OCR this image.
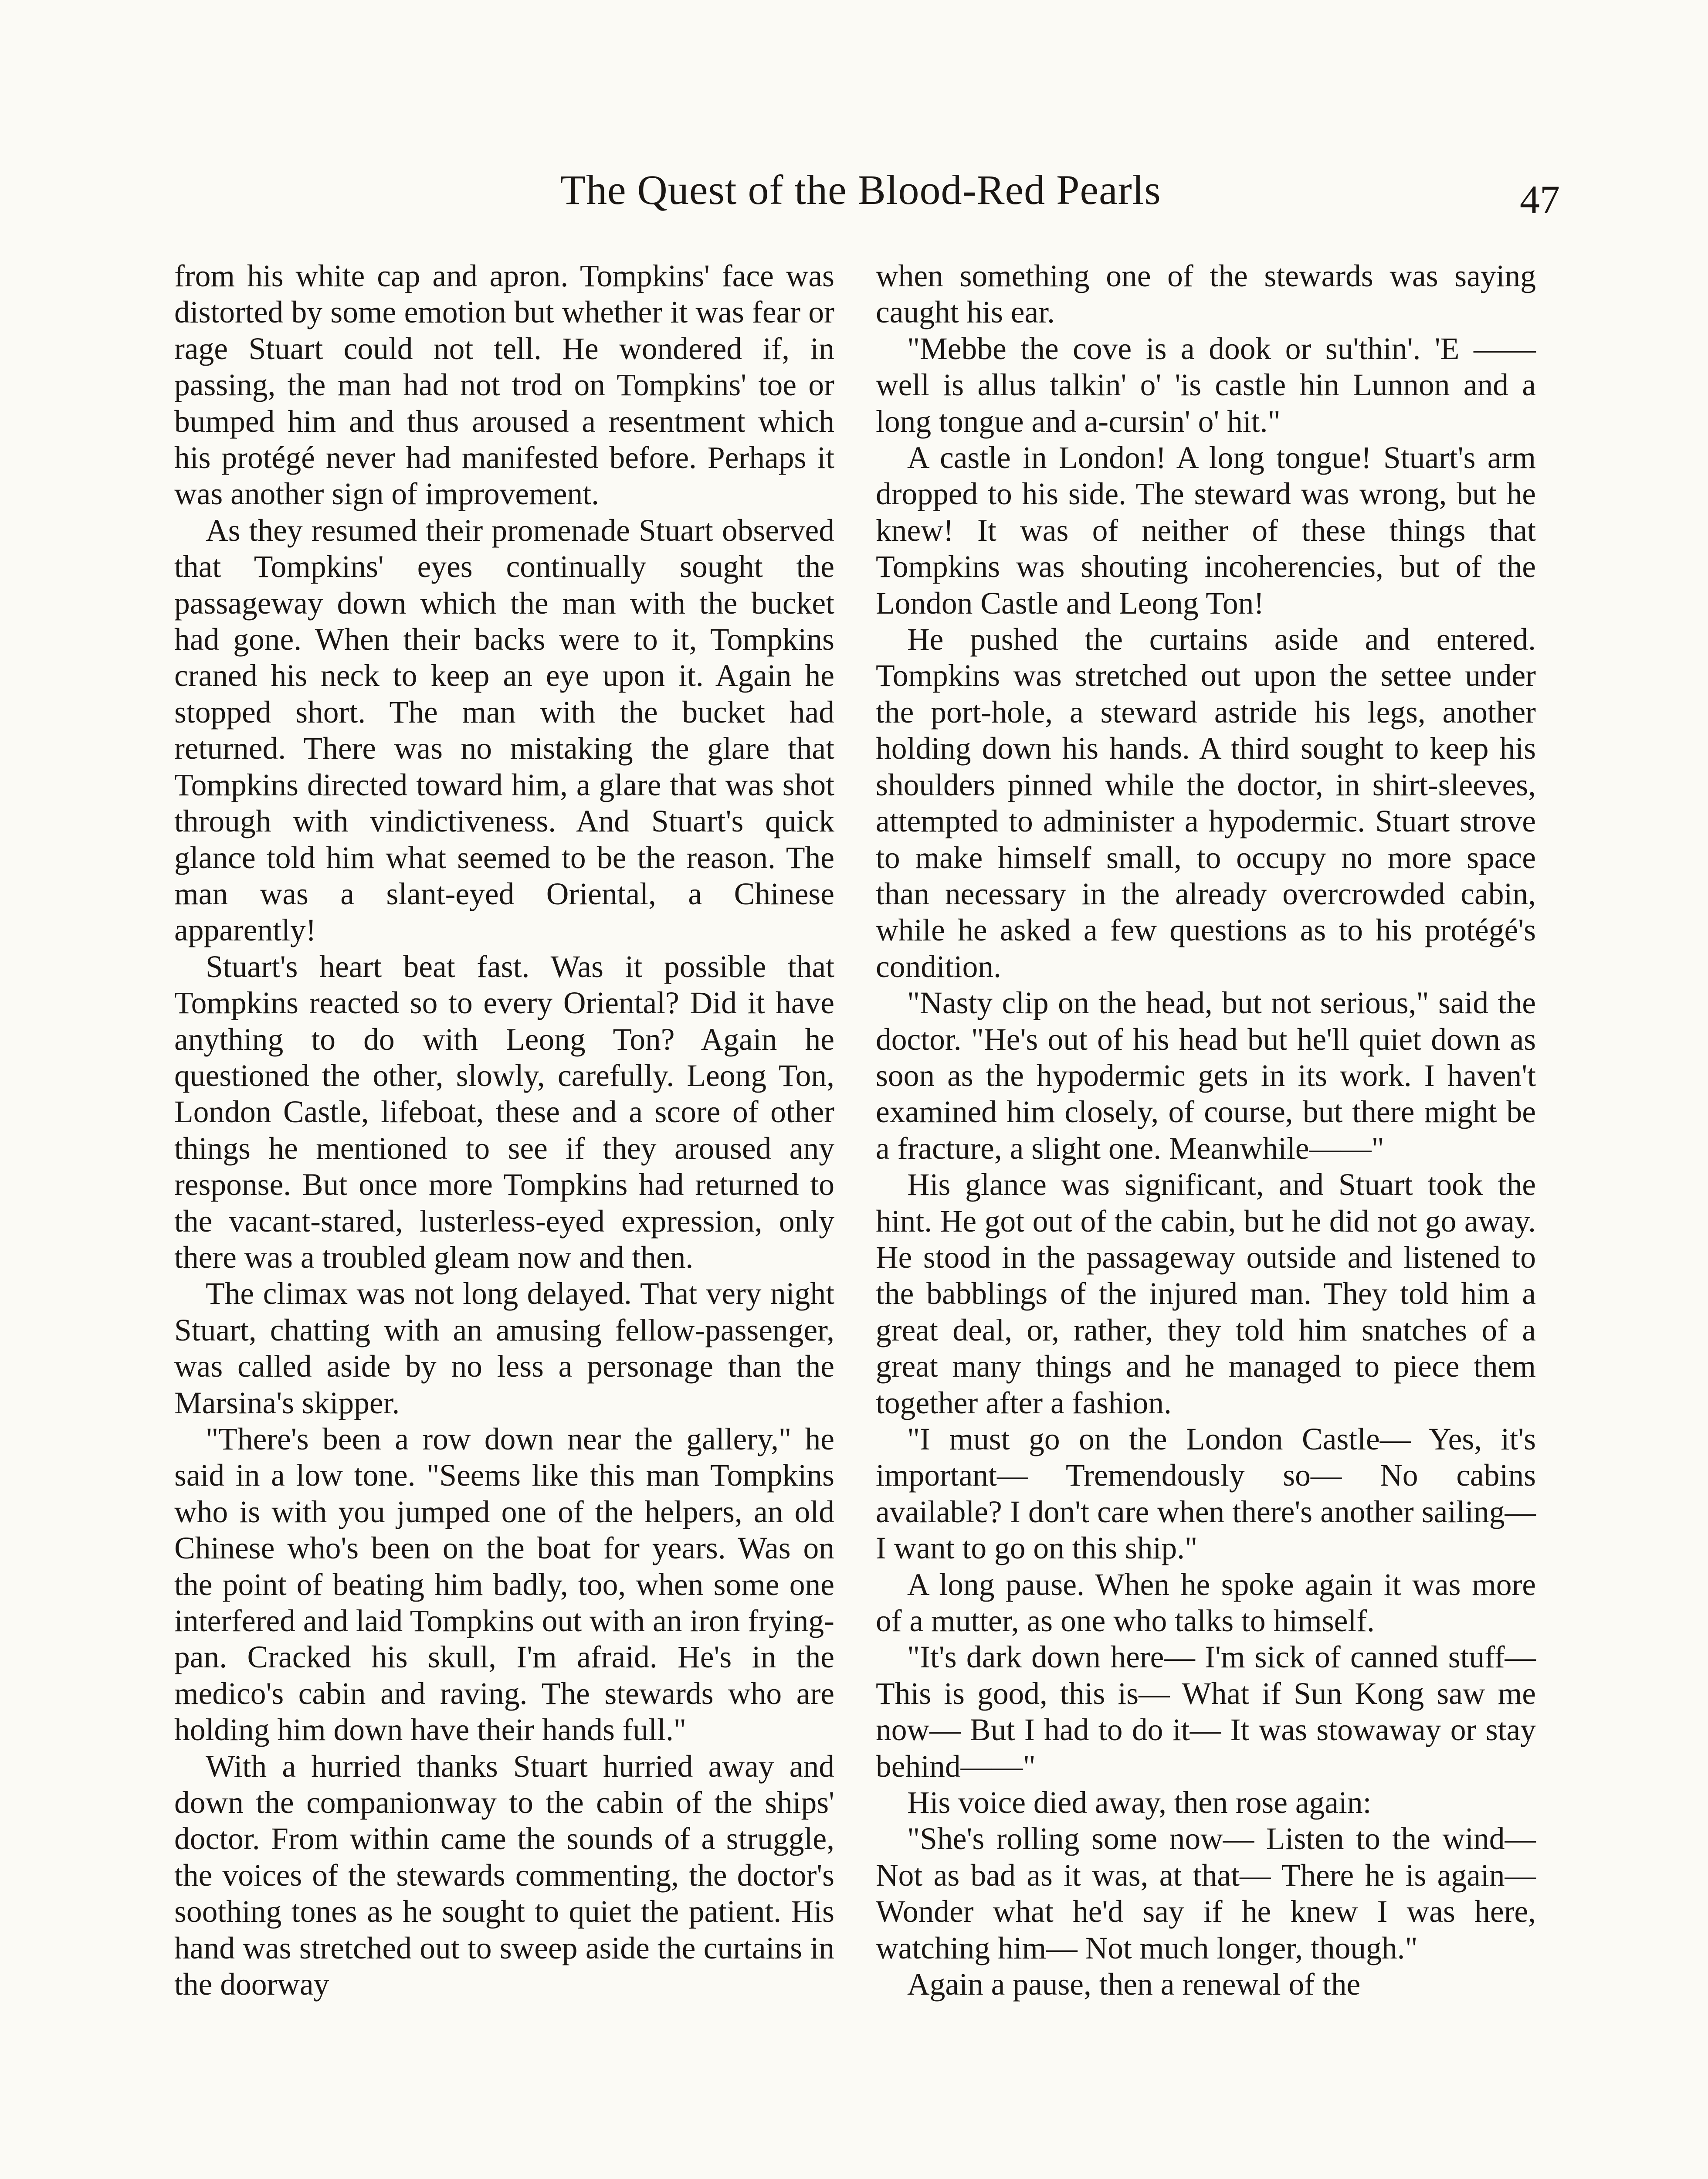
The Quest of the Blood-Red Pearls	47

from his white cap and apron. Tompkins' face was distorted by some emotion but whether it was fear or rage Stuart could not tell. He wondered if, in passing, the man had not trod on Tompkins' toe or bumped him and thus aroused a resentment which his protégé never had manifested before. Perhaps it was another sign of improvement.

As they resumed their promenade Stuart observed that Tompkins' eyes continually sought the passageway down which the man with the bucket had gone. When their backs were to it, Tompkins craned his neck to keep an eye upon it. Again he stopped short. The man with the bucket had returned. There was no mistaking the glare that Tompkins directed toward him, a glare that was shot through with vindictiveness. And Stuart's quick glance told him what seemed to be the reason. The man was a slant-eyed Oriental, a Chinese apparently!

Stuart's heart beat fast. Was it possible that Tompkins reacted so to every Oriental? Did it have anything to do with Leong Ton? Again he questioned the other, slowly, carefully. Leong Ton, London Castle, lifeboat, these and a score of other things he mentioned to see if they aroused any response. But once more Tompkins had returned to the vacant-stared, lusterless-eyed expression, only there was a troubled gleam now and then.

The climax was not long delayed. That very night Stuart, chatting with an amusing fellow-passenger, was called aside by no less a personage than the Marsina's skipper.

"There's been a row down near the gallery," he said in a low tone. "Seems like this man Tompkins who is with you jumped one of the helpers, an old Chinese who's been on the boat for years. Was on the point of beating him badly, too, when some one interfered and laid Tompkins out with an iron frying-pan. Cracked his skull, I'm afraid. He's in the medico's cabin and raving. The stewards who are holding him down have their hands full."

With a hurried thanks Stuart hurried away and down the companionway to the cabin of the ships' doctor. From within came the sounds of a struggle, the voices of the stewards commenting, the doctor's soothing tones as he sought to quiet the patient. His hand was stretched out to sweep aside the curtains in the doorway

when something one of the stewards was saying caught his ear.

"Mebbe the cove is a dook or su'thin'. 'E —— well is allus talkin' o' 'is castle hin Lunnon and a long tongue and a-cursin' o' hit."

A castle in London! A long tongue! Stuart's arm dropped to his side. The steward was wrong, but he knew! It was of neither of these things that Tompkins was shouting incoherencies, but of the London Castle and Leong Ton!

He pushed the curtains aside and entered. Tompkins was stretched out upon the settee under the port-hole, a steward astride his legs, another holding down his hands. A third sought to keep his shoulders pinned while the doctor, in shirt-sleeves, attempted to administer a hypodermic. Stuart strove to make himself small, to occupy no more space than necessary in the already overcrowded cabin, while he asked a few questions as to his protégé's condition.

"Nasty clip on the head, but not serious," said the doctor. "He's out of his head but he'll quiet down as soon as the hypodermic gets in its work. I haven't examined him closely, of course, but there might be a fracture, a slight one. Meanwhile——"

His glance was significant, and Stuart took the hint. He got out of the cabin, but he did not go away. He stood in the passageway outside and listened to the babblings of the injured man. They told him a great deal, or, rather, they told him snatches of a great many things and he managed to piece them together after a fashion.

"I must go on the London Castle— Yes, it's important— Tremendously so— No cabins available? I don't care when there's another sailing— I want to go on this ship."

A long pause. When he spoke again it was more of a mutter, as one who talks to himself.

"It's dark down here— I'm sick of canned stuff— This is good, this is— What if Sun Kong saw me now— But I had to do it— It was stowaway or stay behind——"

His voice died away, then rose again:

"She's rolling some now— Listen to the wind— Not as bad as it was, at that— There he is again— Wonder what he'd say if he knew I was here, watching him— Not much longer, though."

Again a pause, then a renewal of the
